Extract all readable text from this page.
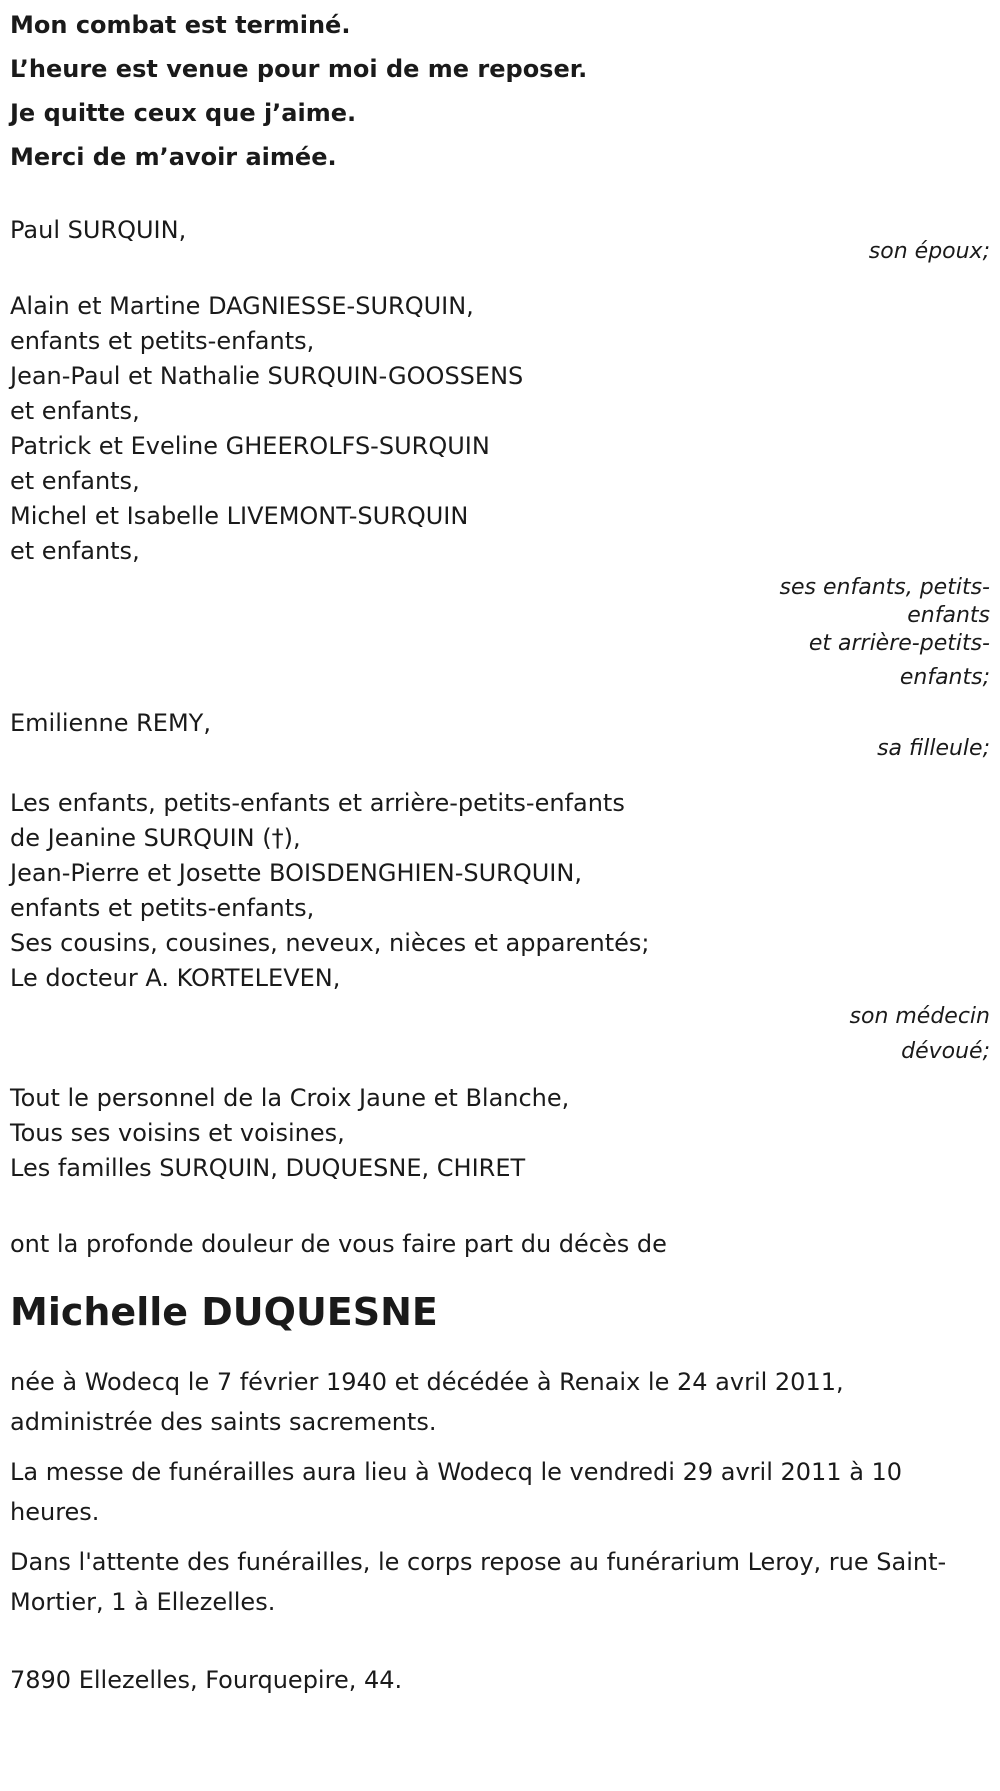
Mon combat est terminé.
L’heure est venue pour moi de me reposer.
Je quitte ceux que j’aime.
Merci de m’avoir aimée.
Paul SURQUIN,
son époux;
Alain et Martine DAGNIESSE-SURQUIN,
enfants et petits-enfants,
Jean-Paul et Nathalie SURQUIN-GOOSSENS
et enfants,
Patrick et Eveline GHEEROLFS-SURQUIN
et enfants,
Michel et Isabelle LIVEMONT-SURQUIN
et enfants,
ses enfants, petits-
enfants
et arrière-petits-
enfants;
Emilienne REMY,
sa filleule;
Les enfants, petits-enfants et arrière-petits-enfants
de Jeanine SURQUIN (†),
Jean-Pierre et Josette BOISDENGHIEN-SURQUIN,
enfants et petits-enfants,
Ses cousins, cousines, neveux, nièces et apparentés;
Le docteur A. KORTELEVEN,
son médecin
dévoué;
Tout le personnel de la Croix Jaune et Blanche,
Tous ses voisins et voisines,
Les familles SURQUIN, DUQUESNE, CHIRET
ont la profonde douleur de vous faire part du décès de
Michelle DUQUESNE
née à Wodecq le 7 février 1940 et décédée à Renaix le 24 avril 2011, administrée des saints sacrements.
La messe de funérailles aura lieu à Wodecq le vendredi 29 avril 2011 à 10 heures.
Dans l'attente des funérailles, le corps repose au funérarium Leroy, rue Saint-Mortier, 1 à Ellezelles.
7890 Ellezelles, Fourquepire, 44.
